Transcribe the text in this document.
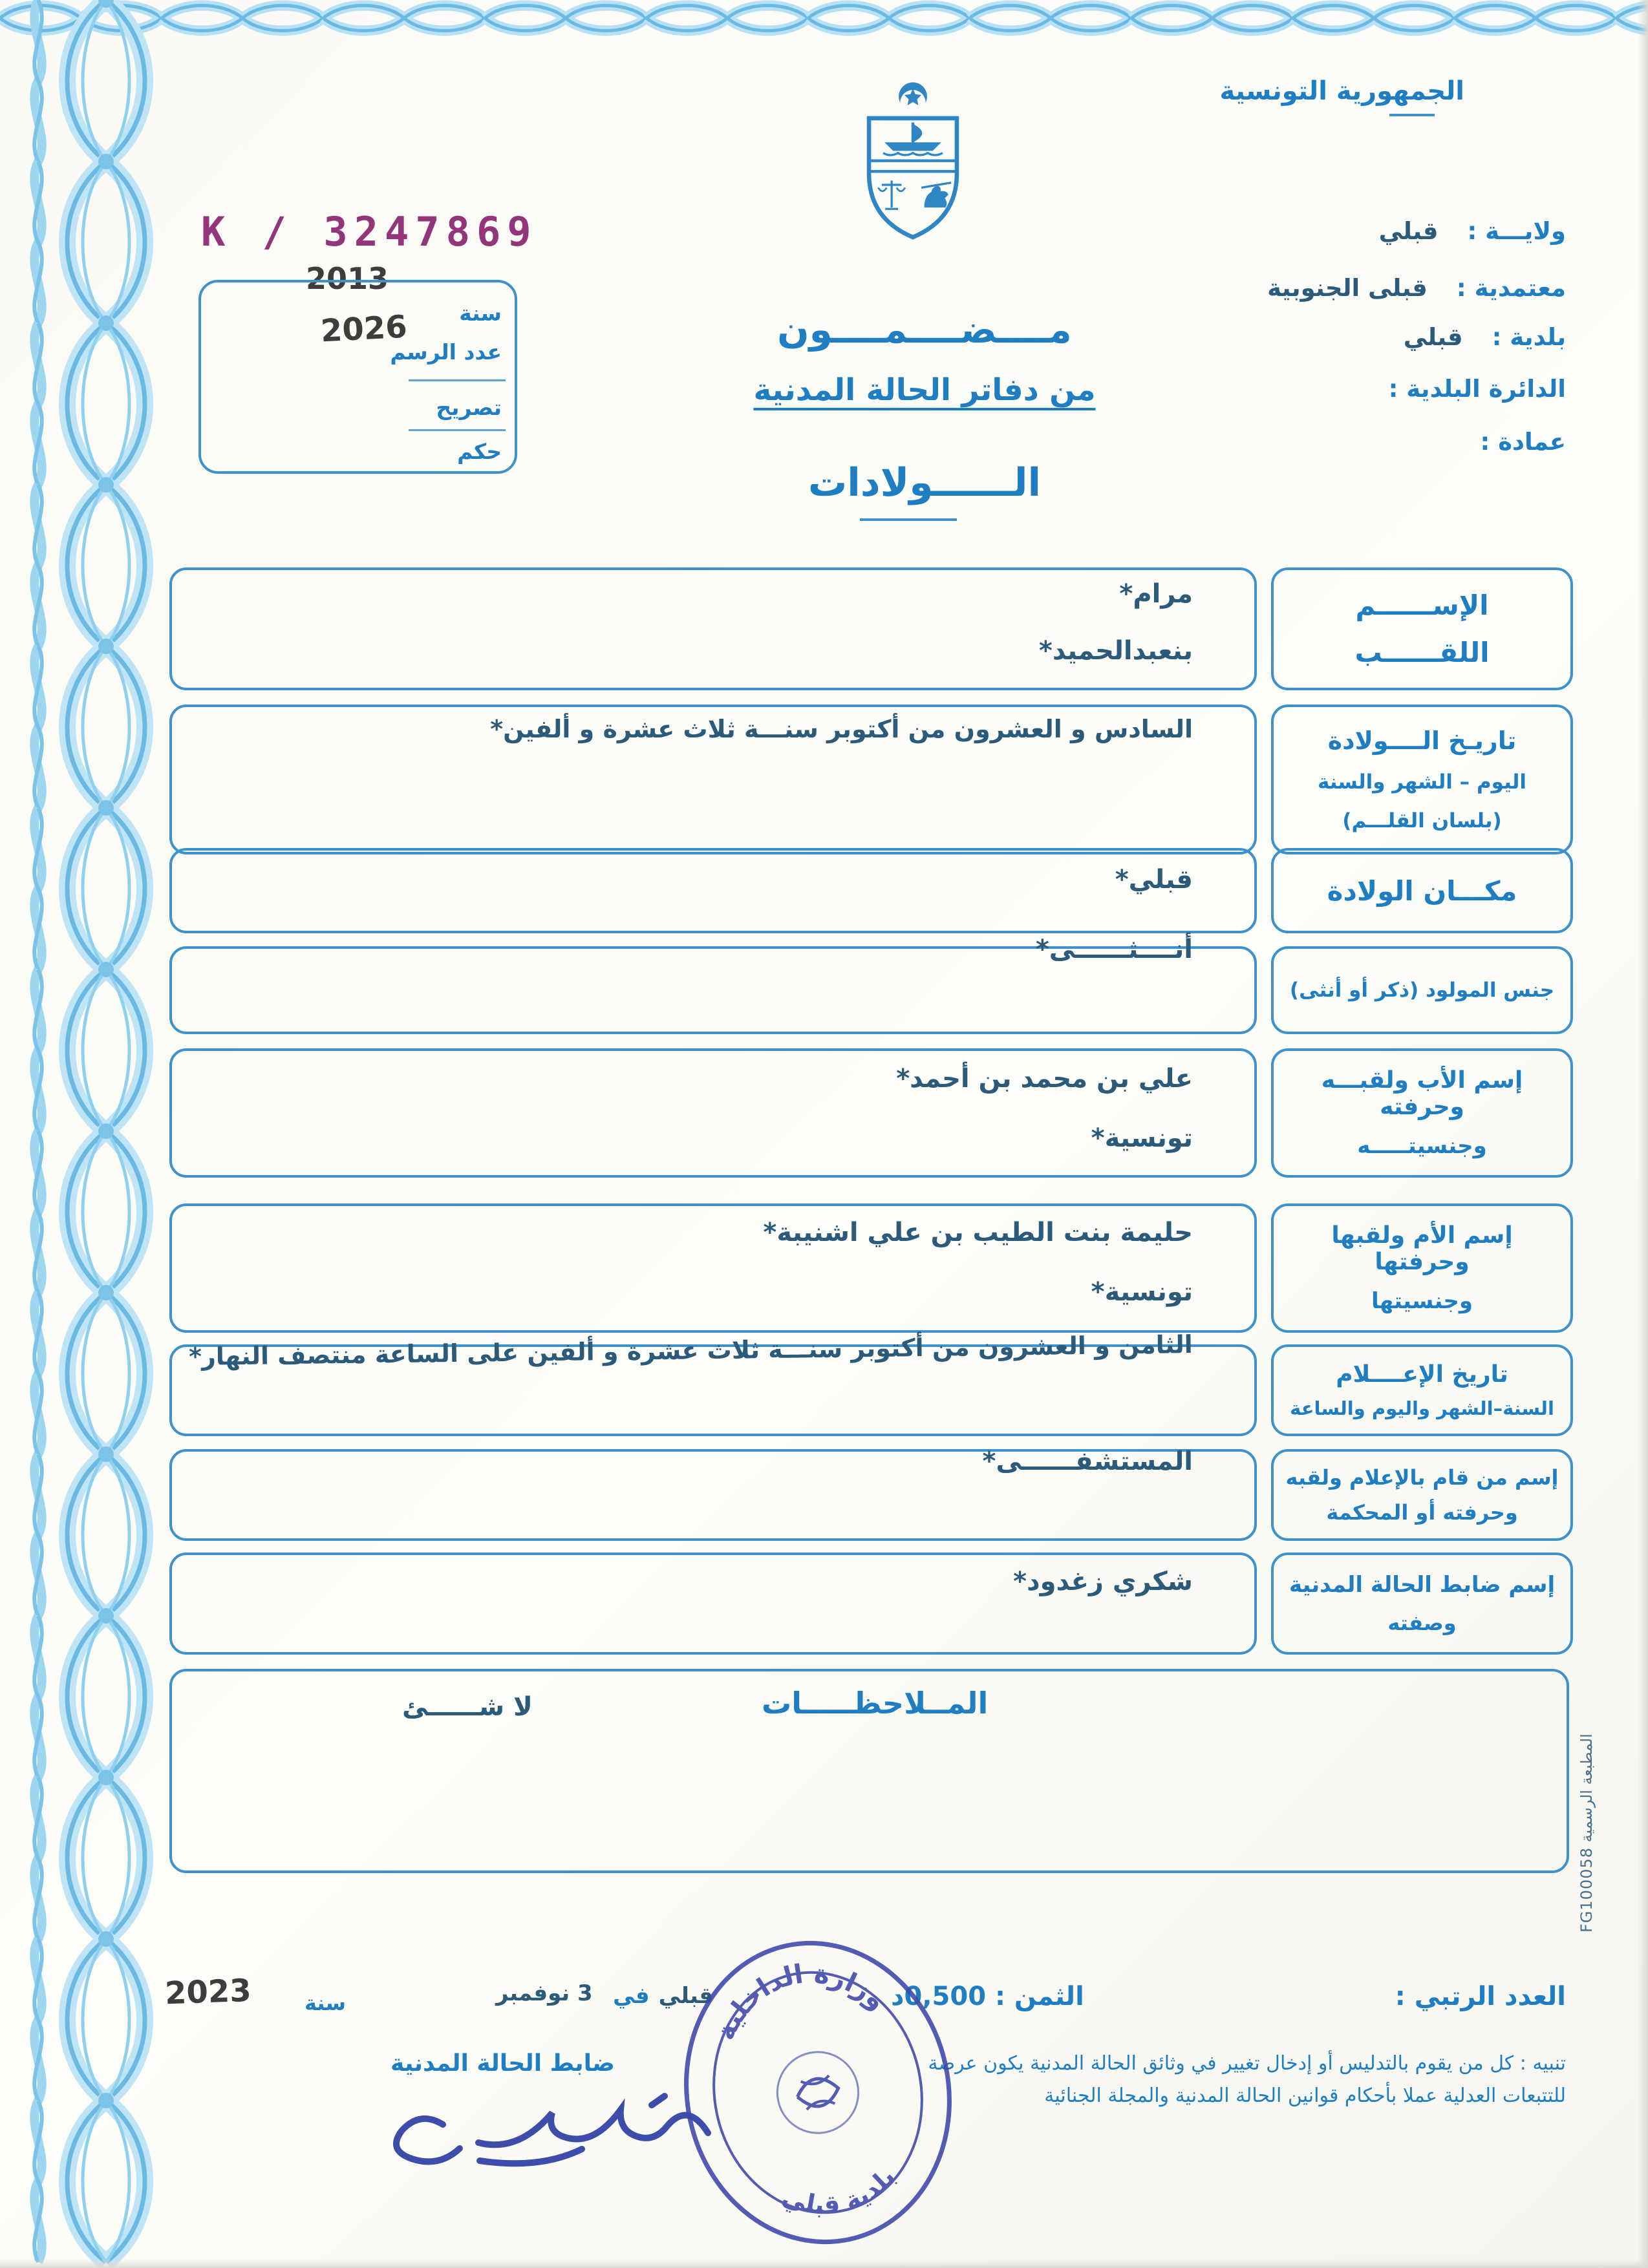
الجمهورية التونسية
K / 3247869
2013
سنة
عدد الرسم
تصريح
حكم
2026
ولايـــة :
قبلي
معتمدية :
قبلى الجنوبية
بلدية :
قبلي
الدائرة البلدية :
عمادة :
مــــضــــمــــون
من دفاتر الحالة المدنية
الــــــولادات
الإســــــم
اللقــــــب
تاريـخ الــــولادة
اليوم – الشهر والسنة
(بلسان القلـــم)
مكـــان الولادة
جنس المولود (ذكر أو أنثى)
إسم الأب ولقبـــه وحرفته
وجنسيتـــــه
إسم الأم ولقبها وحرفتها
وجنسيتها
تاريخ الإعــــلام
السنة–الشهر واليوم والساعة
إسم من قام بالإعلام ولقبه
وحرفته أو المحكمة
إسم ضابط الحالة المدنية
وصفته
مرام*
بنعبدالحميد*
السادس و العشرون من أكتوبر سنـــة ثلاث عشرة و ألفين*
قبلي*
أنــــثــــــى*
علي بن محمد بن أحمد*
تونسية*
حليمة بنت الطيب بن علي اشنيبة*
تونسية*
الثامن و العشرون من أكتوبر سنـــة ثلاث عشرة و ألفين على الساعة منتصف النهار*
المستشفــــــى*
شكري زغدود*
المــلاحظـــــات
لا شــــــئ
العدد الرتبي :
الثمن : 0,500د
تنبيه : كل من يقوم بالتدليس أو إدخال تغيير في وثائق الحالة المدنية يكون عرضة
للتتبعات العدلية عملا بأحكام قوانين الحالة المدنية والمجلة الجنائية
ضابط الحالة المدنية
قبلي
في
3 نوفمبر
سنة
2023
وزارة الداخلية
بلدية قبلي
المطبعة الرسمية FG100058
